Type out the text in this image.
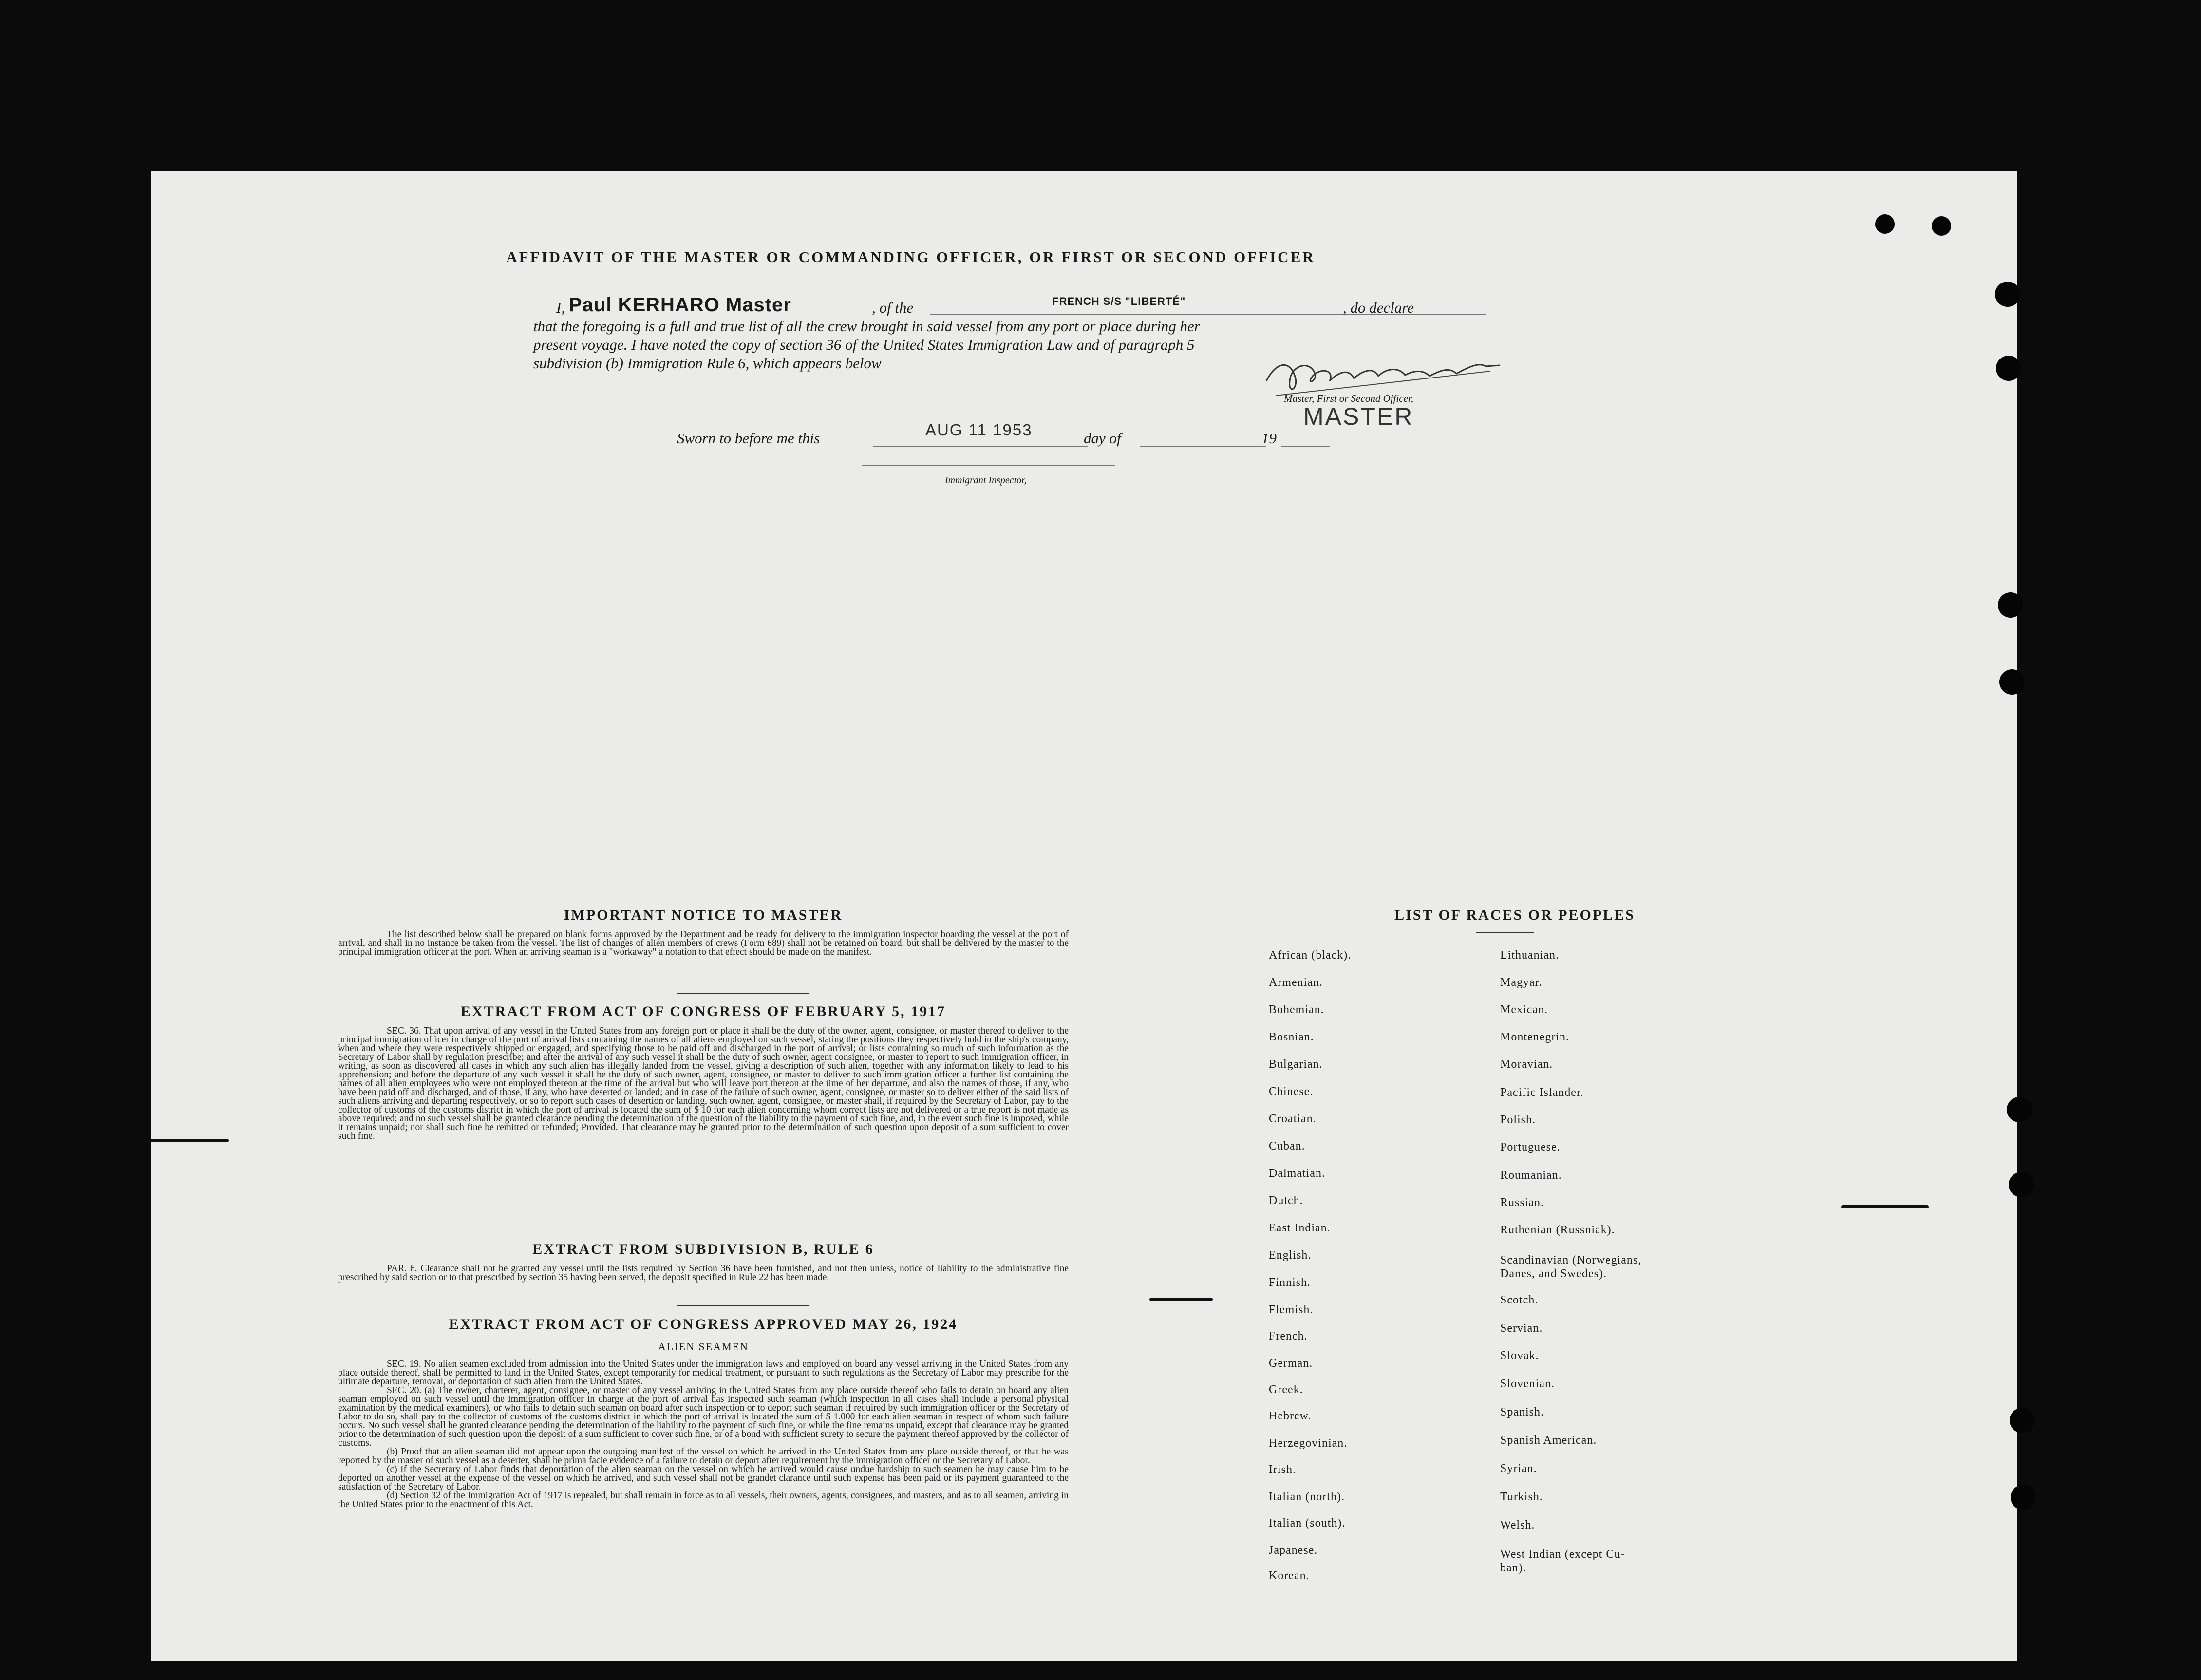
AFFIDAVIT OF THE MASTER OR COMMANDING OFFICER, OR FIRST OR SECOND OFFICER
I, Paul KERHARO Master	, of the	FRENCH S/S "LIBERTÉ"	, do declare
that the foregoing is a full and true list of all the crew brought in said vessel from any port or place during her
present voyage. I have noted the copy of section 36 of the United States Immigration Law and of paragraph 5
subdivision (b) Immigration Rule 6, which appears below
Master, First or Second Officer,
MASTER
Sworn to before me this	AUG 11 1953	day of	19
Immigrant Inspector,
IMPORTANT NOTICE TO MASTER

The list described below shall be prepared on blank forms approved by the Department and be ready for delivery to the immigration inspector boarding the vessel at the port of arrival, and shall in no instance be taken from the vessel. The list of changes of alien members of crews (Form 689) shall not be retained on board, but shall be delivered by the master to the principal immigration officer at the port. When an arriving seaman is a "workaway" a notation to that effect should be made on the manifest.

EXTRACT FROM ACT OF CONGRESS OF FEBRUARY 5, 1917

SEC. 36. That upon arrival of any vessel in the United States from any foreign port or place it shall be the duty of the owner, agent, consignee, or master thereof to deliver to the principal immigration officer in charge of the port of arrival lists containing the names of all aliens employed on such vessel, stating the positions they respectively hold in the ship's company, when and where they were respectively shipped or engaged, and specifying those to be paid off and discharged in the port of arrival; or lists containing so much of such information as the Secretary of Labor shall by regulation prescribe; and after the arrival of any such vessel it shall be the duty of such owner, agent consignee, or master to report to such immigration officer, in writing, as soon as discovered all cases in which any such alien has illegally landed from the vessel, giving a description of such alien, together with any information likely to lead to his apprehension; and before the departure of any such vessel it shall be the duty of such owner, agent, consignee, or master to deliver to such immigration officer a further list containing the names of all alien employees who were not employed thereon at the time of the arrival but who will leave port thereon at the time of her departure, and also the names of those, if any, who have been paid off and discharged, and of those, if any, who have deserted or landed; and in case of the failure of such owner, agent, consignee, or master so to deliver either of the said lists of such aliens arriving and departing respectively, or so to report such cases of desertion or landing, such owner, agent, consignee, or master shall, if required by the Secretary of Labor, pay to the collector of customs of the customs district in which the port of arrival is located the sum of $ 10 for each alien concerning whom correct lists are not delivered or a true report is not made as above required; and no such vessel shall be granted clearance pending the determination of the question of the liability to the payment of such fine, and, in the event such fine is imposed, while it remains unpaid; nor shall such fine be remitted or refunded; Provided. That clearance may be granted prior to the determination of such question upon deposit of a sum sufficient to cover such fine.

EXTRACT FROM SUBDIVISION B, RULE 6

PAR. 6. Clearance shall not be granted any vessel until the lists required by Section 36 have been furnished, and not then unless, notice of liability to the administrative fine prescribed by said section or to that prescribed by section 35 having been served, the deposit specified in Rule 22 has been made.

EXTRACT FROM ACT OF CONGRESS APPROVED MAY 26, 1924
ALIEN SEAMEN

SEC. 19. No alien seamen excluded from admission into the United States under the immigration laws and employed on board any vessel arriving in the United States from any place outside thereof, shall be permitted to land in the United States, except temporarily for medical treatment, or pursuant to such regulations as the Secretary of Labor may prescribe for the ultimate departure, removal, or deportation of such alien from the United States.

SEC. 20. (a) The owner, charterer, agent, consignee, or master of any vessel arriving in the United States from any place outside thereof who fails to detain on board any alien seaman employed on such vessel until the immigration officer in charge at the port of arrival has inspected such seaman (which inspection in all cases shall include a personal physical examination by the medical examiners), or who fails to detain such seaman on board after such inspection or to deport such seaman if required by such immigration officer or the Secretary of Labor to do so, shall pay to the collector of customs of the customs district in which the port of arrival is located the sum of $ 1.000 for each alien seaman in respect of whom such failure occurs. No such vessel shall be granted clearance pending the determination of the liability to the payment of such fine, or while the fine remains unpaid, except that clearance may be granted prior to the determination of such question upon the deposit of a sum sufficient to cover such fine, or of a bond with sufficient surety to secure the payment thereof approved by the collector of customs.

(b) Proof that an alien seaman did not appear upon the outgoing manifest of the vessel on which he arrived in the United States from any place outside thereof, or that he was reported by the master of such vessel as a deserter, shall be prima facie evidence of a failure to detain or deport after requirement by the immigration officer or the Secretary of Labor.

(c) If the Secretary of Labor finds that deportation of the alien seaman on the vessel on which he arrived would cause undue hardship to such seamen he may cause him to be deported on another vessel at the expense of the vessel on which he arrived, and such vessel shall not be grandet clarance until such expense has been paid or its payment guaranteed to the satisfaction of the Secretary of Labor.

(d) Section 32 of the Immigration Act of 1917 is repealed, but shall remain in force as to all vessels, their owners, agents, consignees, and masters, and as to all seamen, arriving in the United States prior to the enactment of this Act.

LIST OF RACES OR PEOPLES
African (black).
Armenian.
Bohemian.
Bosnian.
Bulgarian.
Chinese.
Croatian.
Cuban.
Dalmatian.
Dutch.
East Indian.
English.
Finnish.
Flemish.
French.
German.
Greek.
Hebrew.
Herzegovinian.
Irish.
Italian (north).
Italian (south).
Japanese.
Korean.
Lithuanian.
Magyar.
Mexican.
Montenegrin.
Moravian.
Pacific Islander.
Polish.
Portuguese.
Roumanian.
Russian.
Ruthenian (Russniak).
Scandinavian (Norwegians,
Danes, and Swedes).
Scotch.
Servian.
Slovak.
Slovenian.
Spanish.
Spanish American.
Syrian.
Turkish.
Welsh.
West Indian (except Cu-
ban).
